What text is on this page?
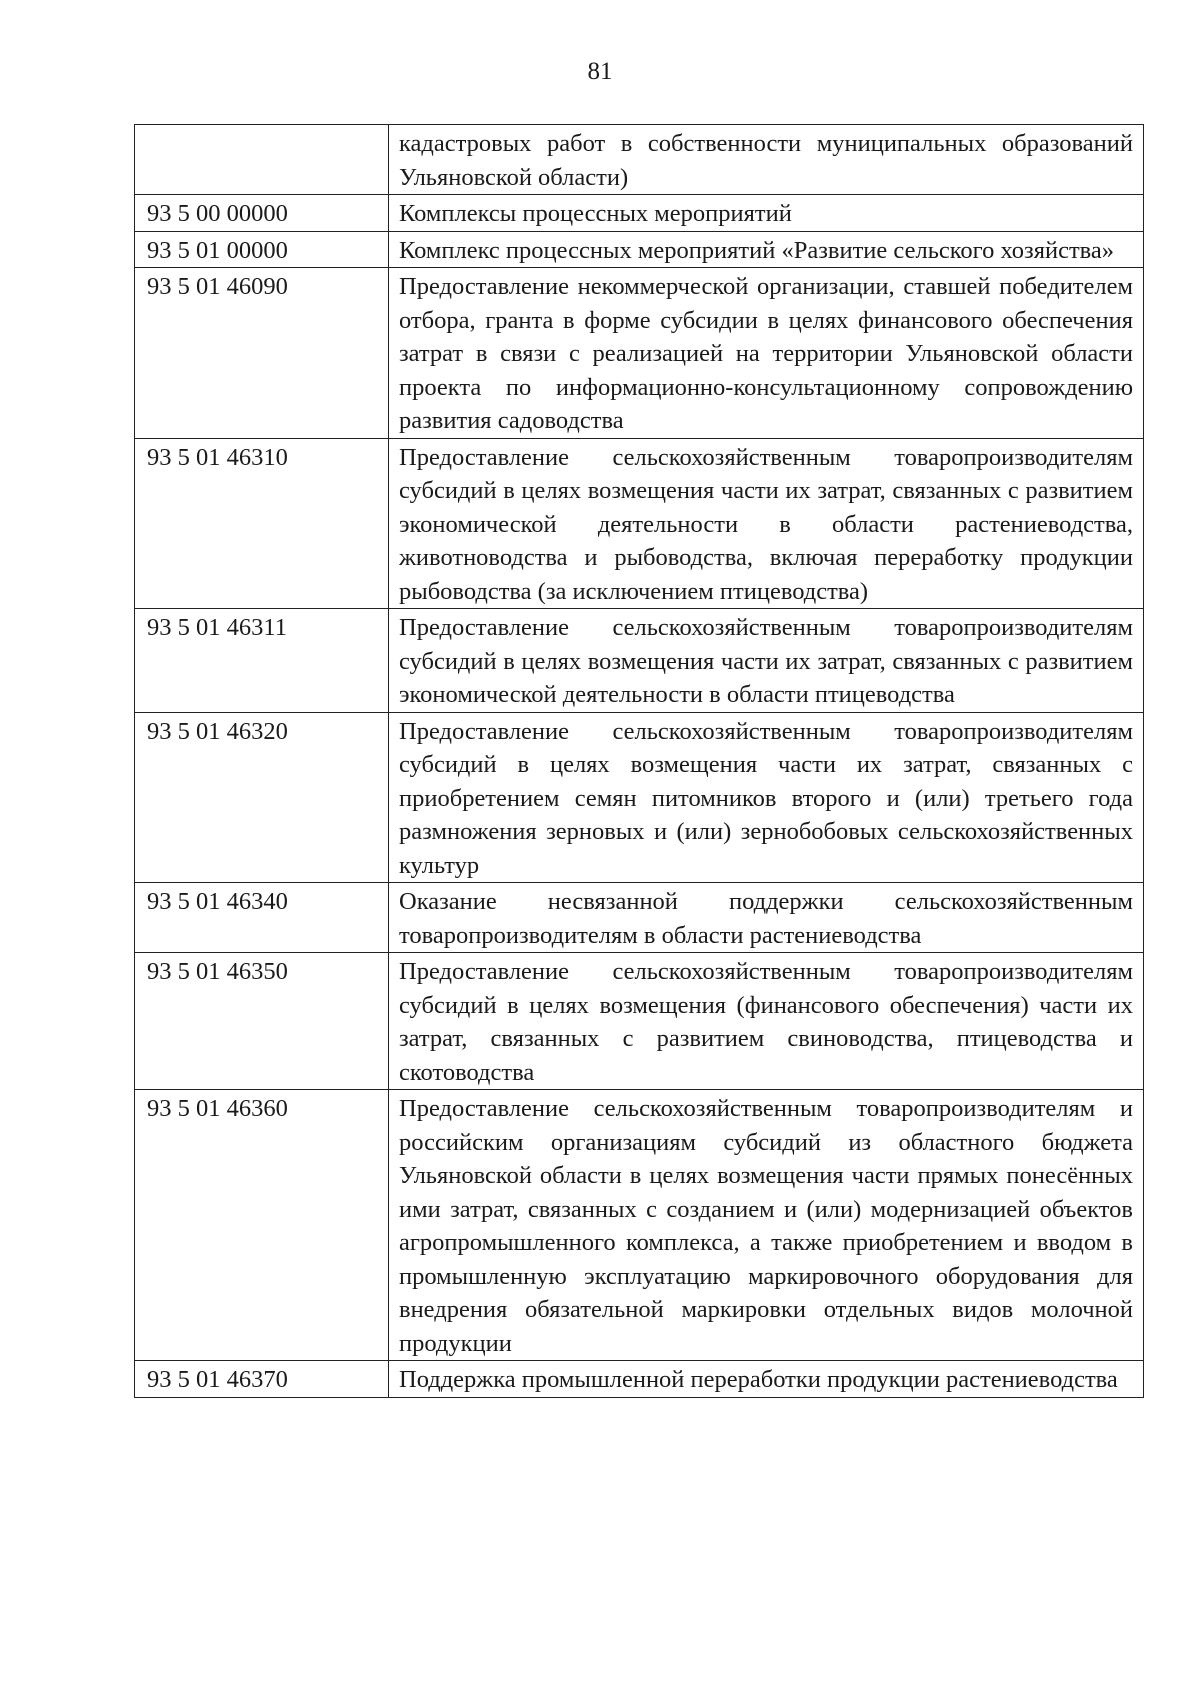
81
	кадастровых работ в собственности муниципальных образований Ульяновской области)
93 5 00 00000	Комплексы процессных мероприятий
93 5 01 00000	Комплекс процессных мероприятий «Развитие сельского хозяйства»
93 5 01 46090	Предоставление некоммерческой организации, ставшей победителем отбора, гранта в форме субсидии в целях финансового обеспечения затрат в связи с реализацией на территории Ульяновской области проекта по информационно-консультационному сопровождению развития садоводства
93 5 01 46310	Предоставление сельскохозяйственным товаропроизводителям субсидий в целях возмещения части их затрат, связанных с развитием экономической деятельности в области растениеводства, животноводства и рыбоводства, включая переработку продукции рыбоводства (за исключением птицеводства)
93 5 01 46311	Предоставление сельскохозяйственным товаропроизводителям субсидий в целях возмещения части их затрат, связанных с развитием экономической деятельности в области птицеводства
93 5 01 46320	Предоставление сельскохозяйственным товаропроизводителям субсидий в целях возмещения части их затрат, связанных с приобретением семян питомников второго и (или) третьего года размножения зерновых и (или) зернобобовых сельскохозяйственных культур
93 5 01 46340	Оказание несвязанной поддержки сельскохозяйственным товаропроизводителям в области растениеводства
93 5 01 46350	Предоставление сельскохозяйственным товаропроизводителям субсидий в целях возмещения (финансового обеспечения) части их затрат, связанных с развитием свиноводства, птицеводства и скотоводства
93 5 01 46360	Предоставление сельскохозяйственным товаропроизводителям и российским организациям субсидий из областного бюджета Ульяновской области в целях возмещения части прямых понесённых ими затрат, связанных с созданием и (или) модернизацией объектов агропромышленного комплекса, а также приобретением и вводом в промышленную эксплуатацию маркировочного оборудования для внедрения обязательной маркировки отдельных видов молочной продукции
93 5 01 46370	Поддержка промышленной переработки продукции растениеводства
